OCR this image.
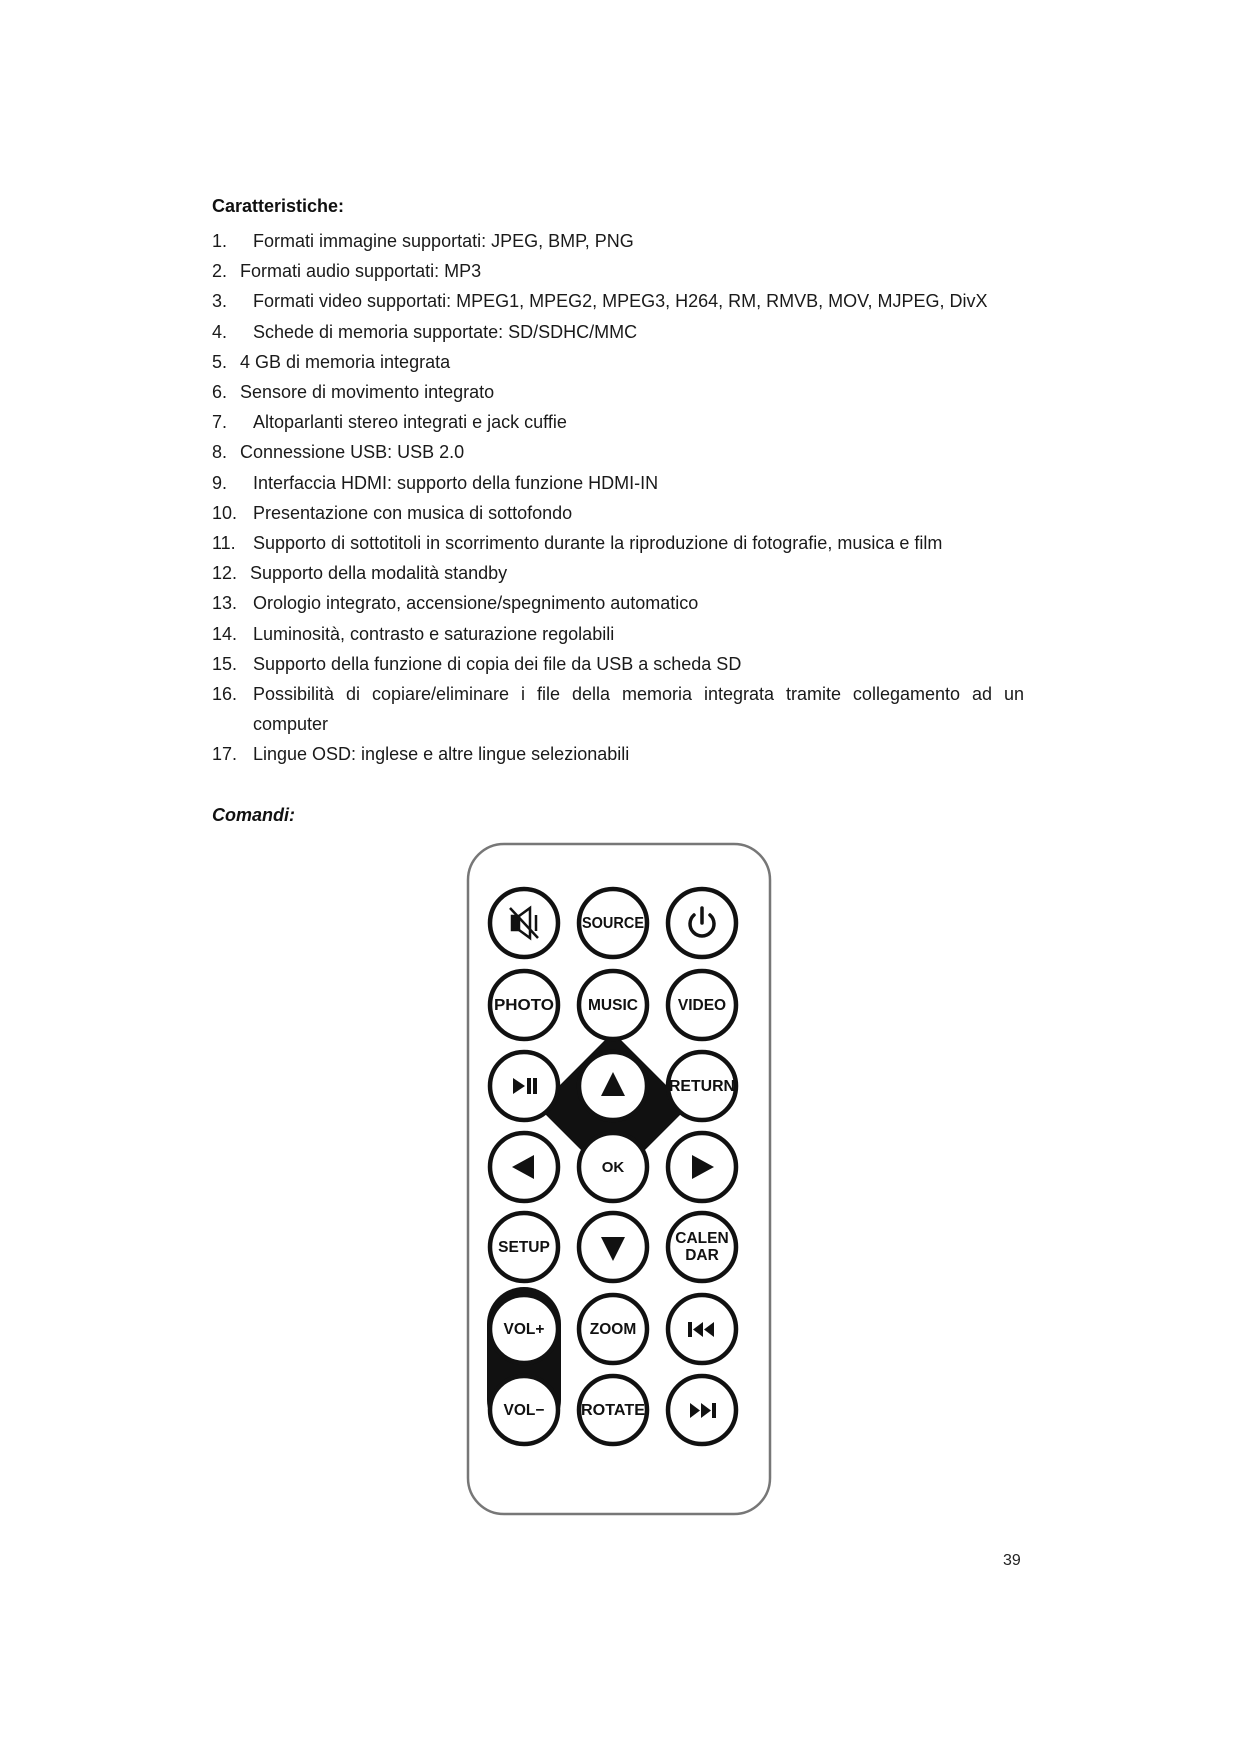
Caratteristiche:
1.	Formati immagine supportati: JPEG, BMP, PNG
2. Formati audio supportati: MP3
3.	Formati video supportati: MPEG1, MPEG2, MPEG3, H264, RM, RMVB, MOV, MJPEG, DivX
4.	Schede di memoria supportate: SD/SDHC/MMC
5. 4 GB di memoria integrata
6. Sensore di movimento integrato
7.	Altoparlanti stereo integrati e jack cuffie
8. Connessione USB: USB 2.0
9.	Interfaccia HDMI: supporto della funzione HDMI-IN
10. Presentazione con musica di sottofondo
11. Supporto di sottotitoli in scorrimento durante la riproduzione di fotografie, musica e film
12. Supporto della modalità standby
13. Orologio integrato, accensione/spegnimento automatico
14. Luminosità, contrasto e saturazione regolabili
15. Supporto della funzione di copia dei file da USB a scheda SD
16. Possibilità di copiare/eliminare i file della memoria integrata tramite collegamento ad un computer
17. Lingue OSD: inglese e altre lingue selezionabili
Comandi:
SOURCE
PHOTO MUSIC	VIDEO
RETURN
OK
SETUP
CALEN
DAR
VOL+	ZOOM
VOL− ROTATE
39
